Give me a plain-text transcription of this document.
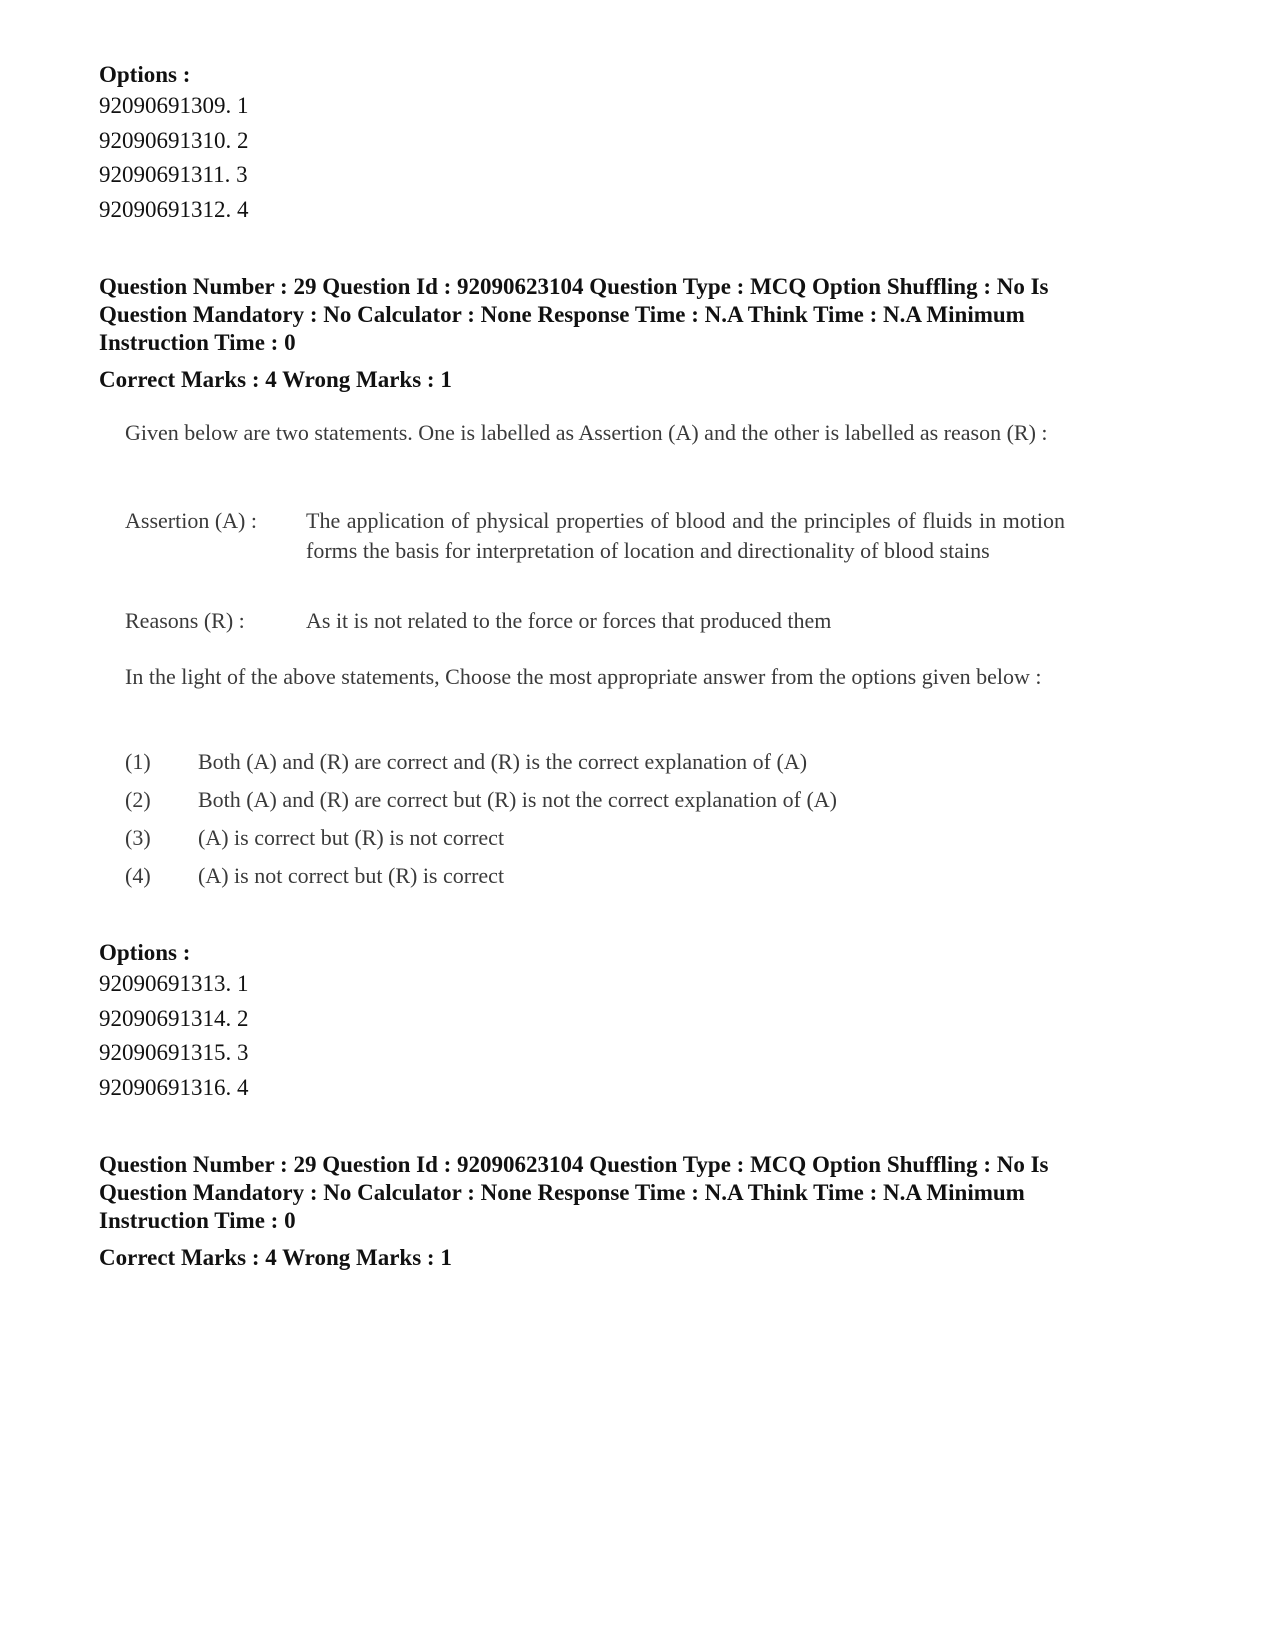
Options :
92090691309. 1
92090691310. 2
92090691311. 3
92090691312. 4
Question Number : 29 Question Id : 92090623104 Question Type : MCQ Option Shuffling : No Is
Question Mandatory : No Calculator : None Response Time : N.A Think Time : N.A Minimum
Instruction Time : 0
Correct Marks : 4 Wrong Marks : 1
Given below are two statements. One is labelled as Assertion (A) and the other is labelled as reason (R) :
Assertion (A) :	The application of physical properties of blood and the principles of fluids in motion forms the basis for interpretation of location and directionality of blood stains
Reasons (R) :	As it is not related to the force or forces that produced them
In the light of the above statements, Choose the most appropriate answer from the options given below :
(1)	Both (A) and (R) are correct and (R) is the correct explanation of (A)
(2)	Both (A) and (R) are correct but (R) is not the correct explanation of (A)
(3)	(A) is correct but (R) is not correct
(4)	(A) is not correct but (R) is correct
Options :
92090691313. 1
92090691314. 2
92090691315. 3
92090691316. 4
Question Number : 29 Question Id : 92090623104 Question Type : MCQ Option Shuffling : No Is
Question Mandatory : No Calculator : None Response Time : N.A Think Time : N.A Minimum
Instruction Time : 0
Correct Marks : 4 Wrong Marks : 1
